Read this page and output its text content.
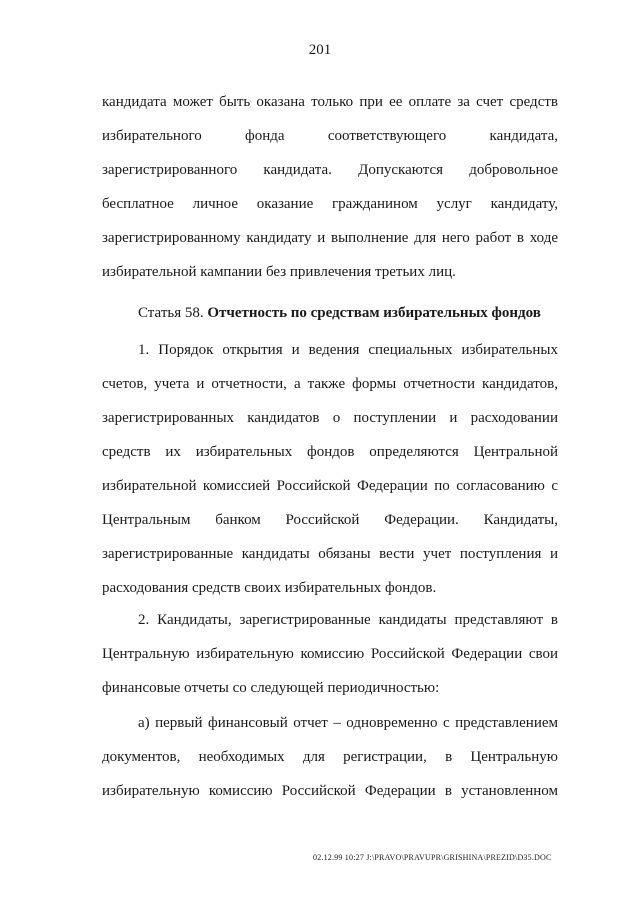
201
кандидата может быть оказана только при ее оплате за счет средств избирательного фонда соответствующего кандидата, зарегистрированного кандидата. Допускаются добровольное бесплатное личное оказание гражданином услуг кандидату, зарегистрированному кандидату и выполнение для него работ в ходе избирательной кампании без привлечения третьих лиц.
Статья 58. Отчетность по средствам избирательных фондов
1. Порядок открытия и ведения специальных избирательных счетов, учета и отчетности, а также формы отчетности кандидатов, зарегистрированных кандидатов о поступлении и расходовании средств их избирательных фондов определяются Центральной избирательной комиссией Российской Федерации по согласованию с Центральным банком Российской Федерации. Кандидаты, зарегистрированные кандидаты обязаны вести учет поступления и расходования средств своих избирательных фондов.
2. Кандидаты, зарегистрированные кандидаты представляют в Центральную избирательную комиссию Российской Федерации свои финансовые отчеты со следующей периодичностью:
а) первый финансовый отчет – одновременно с представлением документов, необходимых для регистрации, в Центральную избирательную комиссию Российской Федерации в установленном
02.12.99 10:27 J:\PRAVO\PRAVUPR\GRISHINA\PREZID\D35.DOC
